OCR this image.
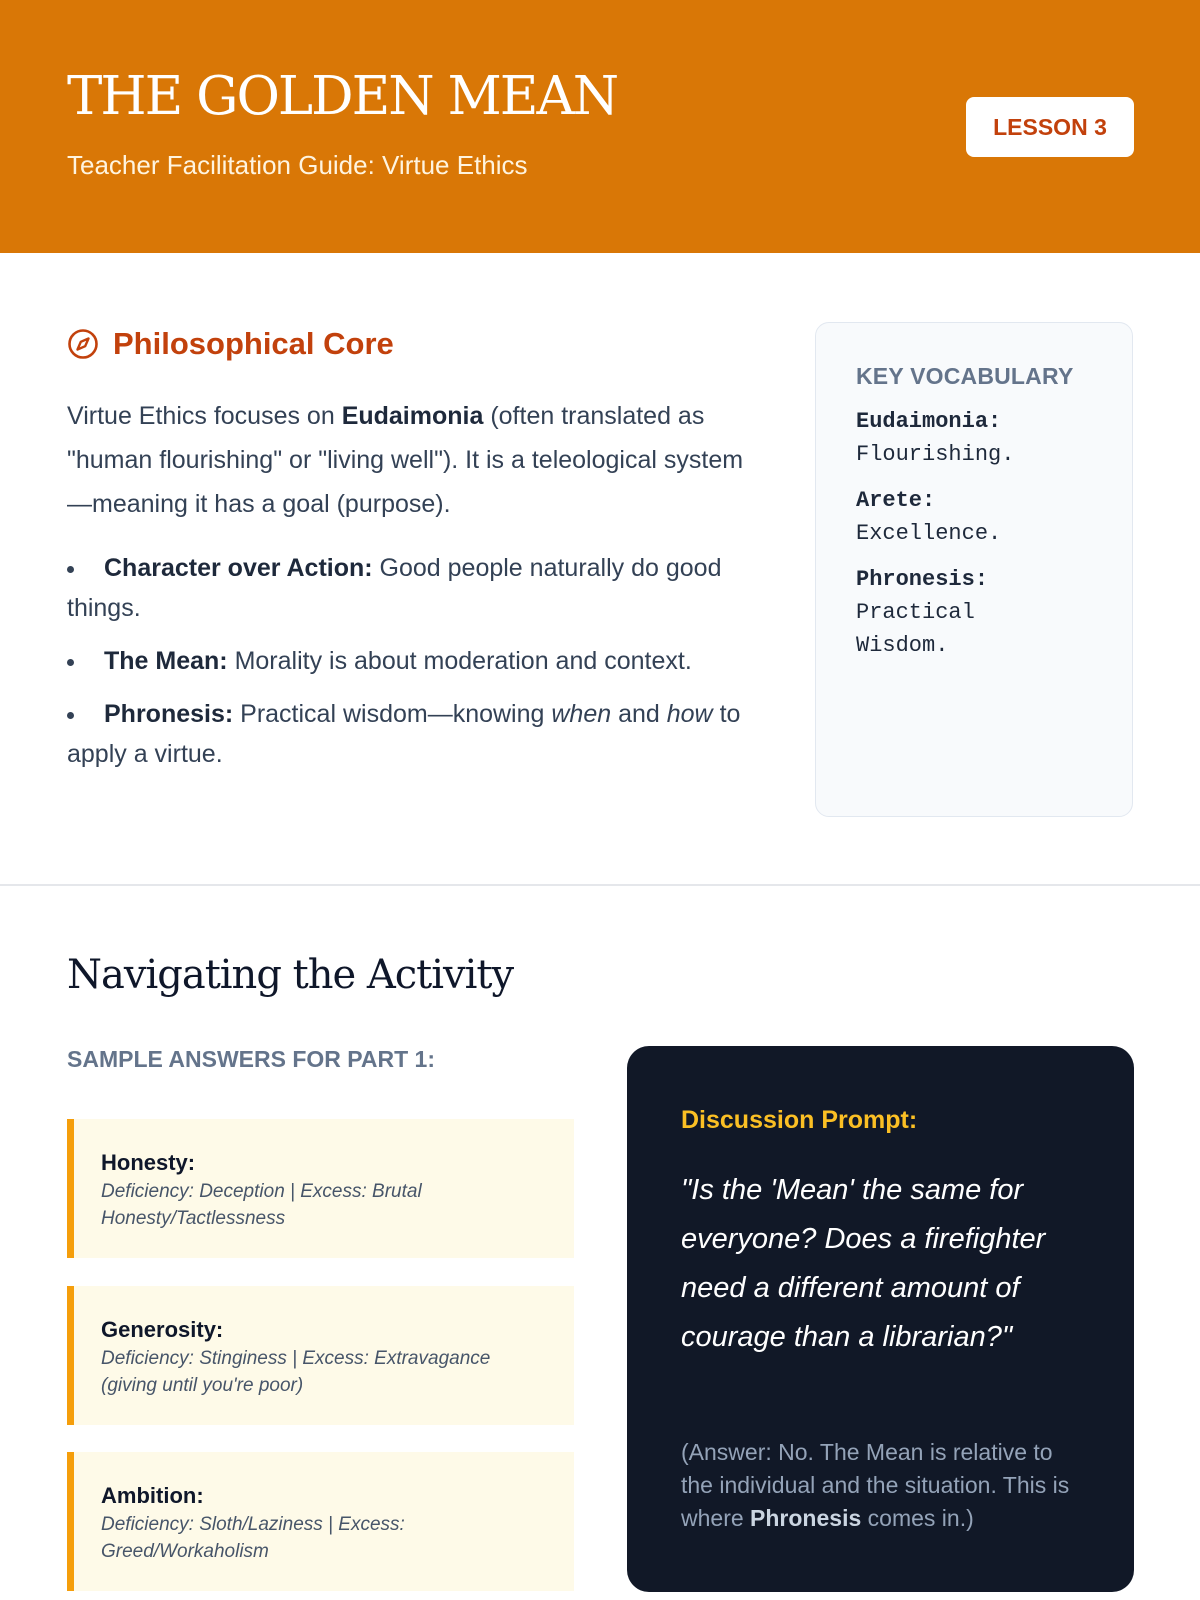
THE GOLDEN MEAN
Teacher Facilitation Guide: Virtue Ethics
LESSON 3
Philosophical Core

Virtue Ethics focuses on Eudaimonia (often translated as "human flourishing" or "living well"). It is a teleological system—meaning it has a goal (purpose).

Character over Action: Good people naturally do good things.
The Mean: Morality is about moderation and context.
Phronesis: Practical wisdom—knowing when and how to apply a virtue.
KEY VOCABULARY
Eudaimonia:
Flourishing.
Arete:
Excellence.
Phronesis:
Practical Wisdom.
Navigating the Activity
SAMPLE ANSWERS FOR PART 1:
Honesty:
Deficiency: Deception | Excess: Brutal Honesty/Tactlessness
Generosity:
Deficiency: Stinginess | Excess: Extravagance (giving until you're poor)
Ambition:
Deficiency: Sloth/Laziness | Excess: Greed/Workaholism
Discussion Prompt:
"Is the 'Mean' the same for everyone? Does a firefighter need a different amount of courage than a librarian?"
(Answer: No. The Mean is relative to the individual and the situation. This is where Phronesis comes in.)
